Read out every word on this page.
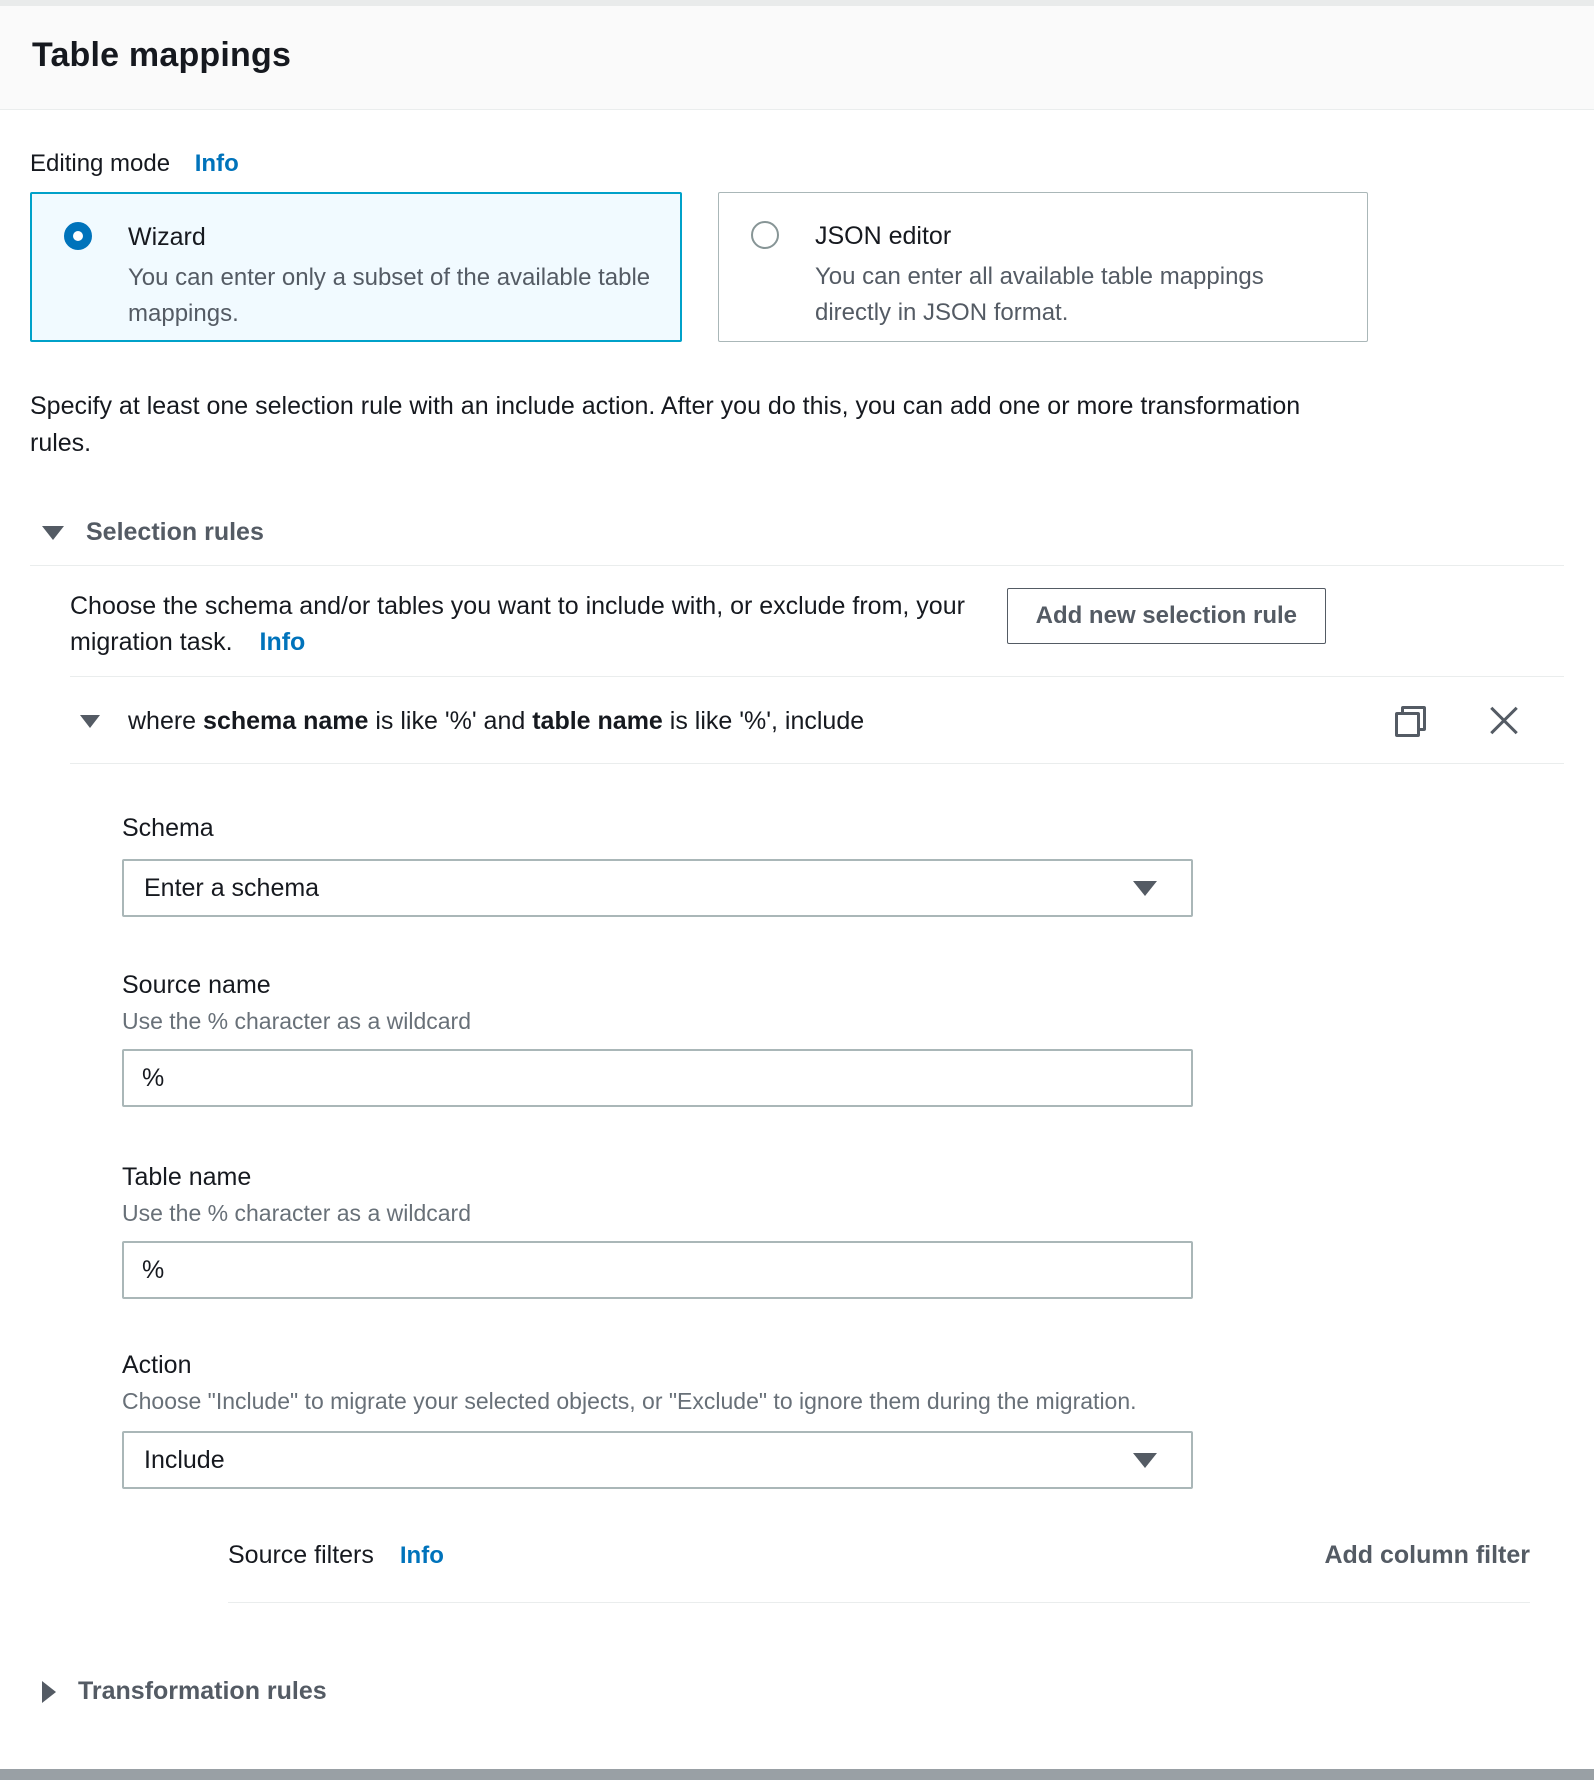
Table mappings
Editing mode Info
Wizard
You can enter only a subset of the available table mappings.
JSON editor
You can enter all available table mappings directly in JSON format.

Specify at least one selection rule with an include action. After you do this, you can add one or more transformation rules.

Selection rules
Choose the schema and/or tables you want to include with, or exclude from, your migration task. Info
Add new selection rule
where schema name is like '%' and table name is like '%', include
Schema
Enter a schema
Source name
Use the % character as a wildcard
%
Table name
Use the % character as a wildcard
%
Action
Choose "Include" to migrate your selected objects, or "Exclude" to ignore them during the migration.
Include
Source filters Info	Add column filter
Transformation rules
